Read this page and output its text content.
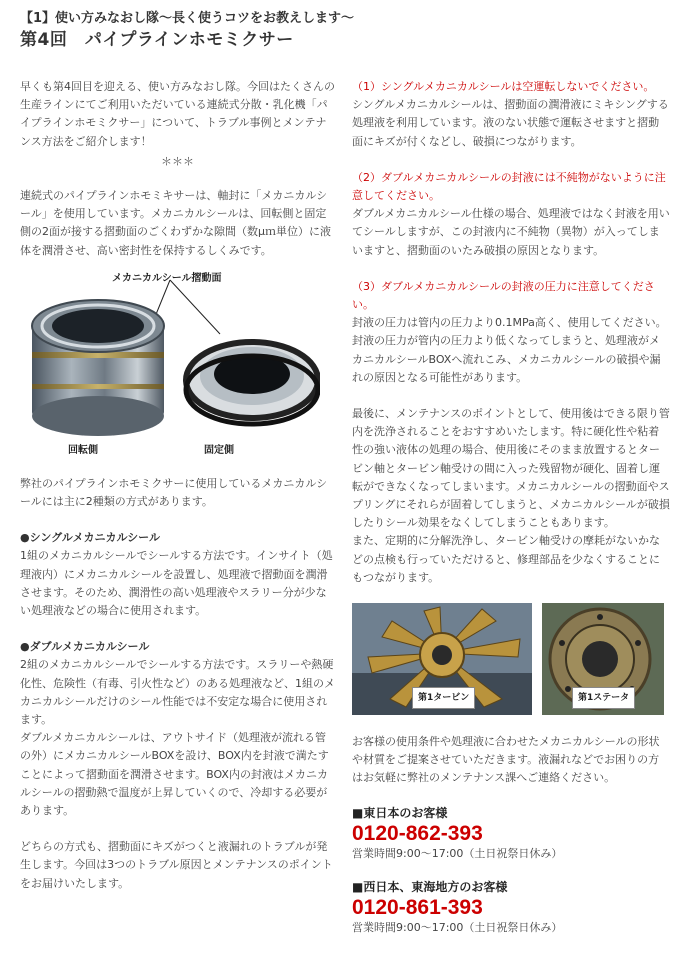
【1】使い方みなおし隊〜長く使うコツをお教えします〜
第4回　パイプラインホモミクサー

早くも第4回目を迎える、使い方みなおし隊。今回はたくさんの生産ラインにてご利用いただいている連続式分散・乳化機「パイプラインホモミクサー」について、トラブル事例とメンテナンス方法をご紹介します！

＊＊＊

連続式のパイプラインホモミキサーは、軸封に「メカニカルシール」を使用しています。メカニカルシールは、回転側と固定側の2面が接する摺動面のごくわずかな隙間（数μｍ単位）に液体を潤滑させ、高い密封性を保持するしくみです。

メカニカルシール摺動面
回転側	固定側

弊社のパイプラインホモミクサーに使用しているメカニカルシールには主に2種類の方式があります。

●シングルメカニカルシール

1組のメカニカルシールでシールする方法です。インサイト（処理液内）にメカニカルシールを設置し、処理液で摺動面を潤滑させます。そのため、潤滑性の高い処理液やスラリー分が少ない処理液などの場合に使用されます。

●ダブルメカニカルシール

2組のメカニカルシールでシールする方法です。スラリーや熱硬化性、危険性（有毒、引火性など）のある処理液など、1組のメカニカルシールだけのシール性能では不安定な場合に使用されます。

ダブルメカニカルシールは、アウトサイド（処理液が流れる管の外）にメカニカルシールBOXを設け、BOX内を封液で満たすことによって摺動面を潤滑させます。BOX内の封液はメカニカルシールの摺動熱で温度が上昇していくので、冷却する必要があります。

どちらの方式も、摺動面にキズがつくと液漏れのトラブルが発生します。今回は3つのトラブル原因とメンテナンスのポイントをお届けいたします。

（1）シングルメカニカルシールは空運転しないでください。

シングルメカニカルシールは、摺動面の潤滑液にミキシングする処理液を利用しています。液のない状態で運転させますと摺動面にキズが付くなどし、破損につながります。

（2）ダブルメカニカルシールの封液には不純物がないように注意してください。

ダブルメカニカルシール仕様の場合、処理液ではなく封液を用いてシールしますが、この封液内に不純物（異物）が入ってしまいますと、摺動面のいたみ破損の原因となります。

（3）ダブルメカニカルシールの封液の圧力に注意してください。

封液の圧力は管内の圧力より0.1MPa高く、使用してください。封液の圧力が管内の圧力より低くなってしまうと、処理液がメカニカルシールBOXへ流れこみ、メカニカルシールの破損や漏れの原因となる可能性があります。

最後に、メンテナンスのポイントとして、使用後はできる限り管内を洗浄されることをおすすめいたします。特に硬化性や粘着性の強い液体の処理の場合、使用後にそのまま放置するとタービン軸とタービン軸受けの間に入った残留物が硬化、固着し運転ができなくなってしまいます。メカニカルシールの摺動面やスプリングにそれらが固着してしまうと、メカニカルシールが破損したりシール効果をなくしてしまうこともあります。

また、定期的に分解洗浄し、タービン軸受けの摩耗がないかなどの点検も行っていただけると、修理部品を少なくすることにもつながります。

第1タービン	第1ステータ

お客様の使用条件や処理液に合わせたメカニカルシールの形状や材質をご提案させていただきます。液漏れなどでお困りの方はお気軽に弊社のメンテナンス課へご連絡ください。

■東日本のお客様
0120-862-393
営業時間9:00〜17:00（土日祝祭日休み）
■西日本、東海地方のお客様
0120-861-393
営業時間9:00〜17:00（土日祝祭日休み）
